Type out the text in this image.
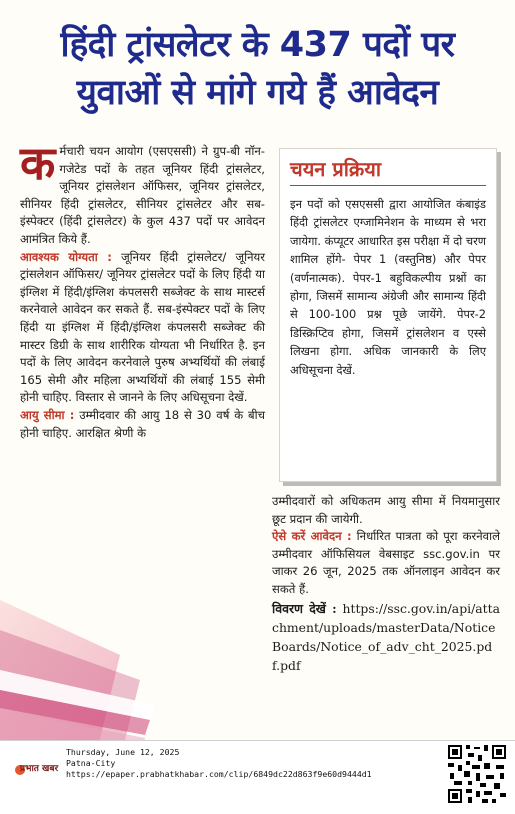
हिंदी ट्रांसलेटर के 437 पदों पर
युवाओं से मांगे गये हैं आवेदन

कर्मचारी चयन आयोग (एसएससी) ने ग्रुप-बी नॉन-गजेटेड पदों के तहत जूनियर हिंदी ट्रांसलेटर, जूनियर ट्रांसलेशन ऑफिसर, जूनियर ट्रांसलेटर, सीनियर हिंदी ट्रांसलेटर, सीनियर ट्रांसलेटर और सब-इंस्पेक्टर (हिंदी ट्रांसलेटर) के कुल 437 पदों पर आवेदन आमंत्रित किये हैं.

आवश्यक योग्यता : जूनियर हिंदी ट्रांसलेटर/ जूनियर ट्रांसलेशन ऑफिसर/ जूनियर ट्रांसलेटर पदों के लिए हिंदी या इंग्लिश में हिंदी/इंग्लिश कंपलसरी सब्जेक्ट के साथ मास्टर्स करनेवाले आवेदन कर सकते हैं. सब-इंस्पेक्टर पदों के लिए हिंदी या इंग्लिश में हिंदी/इंग्लिश कंपलसरी सब्जेक्ट की मास्टर डिग्री के साथ शारीरिक योग्यता भी निर्धारित है. इन पदों के लिए आवेदन करनेवाले पुरुष अभ्यर्थियों की लंबाई 165 सेमी और महिला अभ्यर्थियों की लंबाई 155 सेमी होनी चाहिए. विस्तार से जानने के लिए अधिसूचना देखें.

आयु सीमा : उम्मीदवार की आयु 18 से 30 वर्ष के बीच होनी चाहिए. आरक्षित श्रेणी के

चयन प्रक्रिया
इन पदों को एसएससी द्वारा आयोजित कंबाइंड हिंदी ट्रांसलेटर एग्जामिनेशन के माध्यम से भरा जायेगा. कंप्यूटर आधारित इस परीक्षा में दो चरण शामिल होंगे- पेपर 1 (वस्तुनिष्ठ) और पेपर (वर्णनात्मक). पेपर-1 बहुविकल्पीय प्रश्नों का होगा, जिसमें सामान्य अंग्रेजी और सामान्य हिंदी से 100-100 प्रश्न पूछे जायेंगे. पेपर-2 डिस्क्रिप्टिव होगा, जिसमें ट्रांसलेशन व एस्से लिखना होगा. अधिक जानकारी के लिए अधिसूचना देखें.

उम्मीदवारों को अधिकतम आयु सीमा में नियमानुसार छूट प्रदान की जायेगी.

ऐसे करें आवेदन : निर्धारित पात्रता को पूरा करनेवाले उम्मीदवार ऑफिसियल वेबसाइट ssc.gov.in पर जाकर 26 जून, 2025 तक ऑनलाइन आवेदन कर सकते हैं.

विवरण देखें : https://ssc.gov.in/api/attachment/uploads/masterData/NoticeBoards/Notice_of_adv_cht_2025.pdf.pdf

प्रभात खबर
Thursday, June 12, 2025
Patna-City
https://epaper.prabhatkhabar.com/clip/6849dc22d863f9e60d9444d1
